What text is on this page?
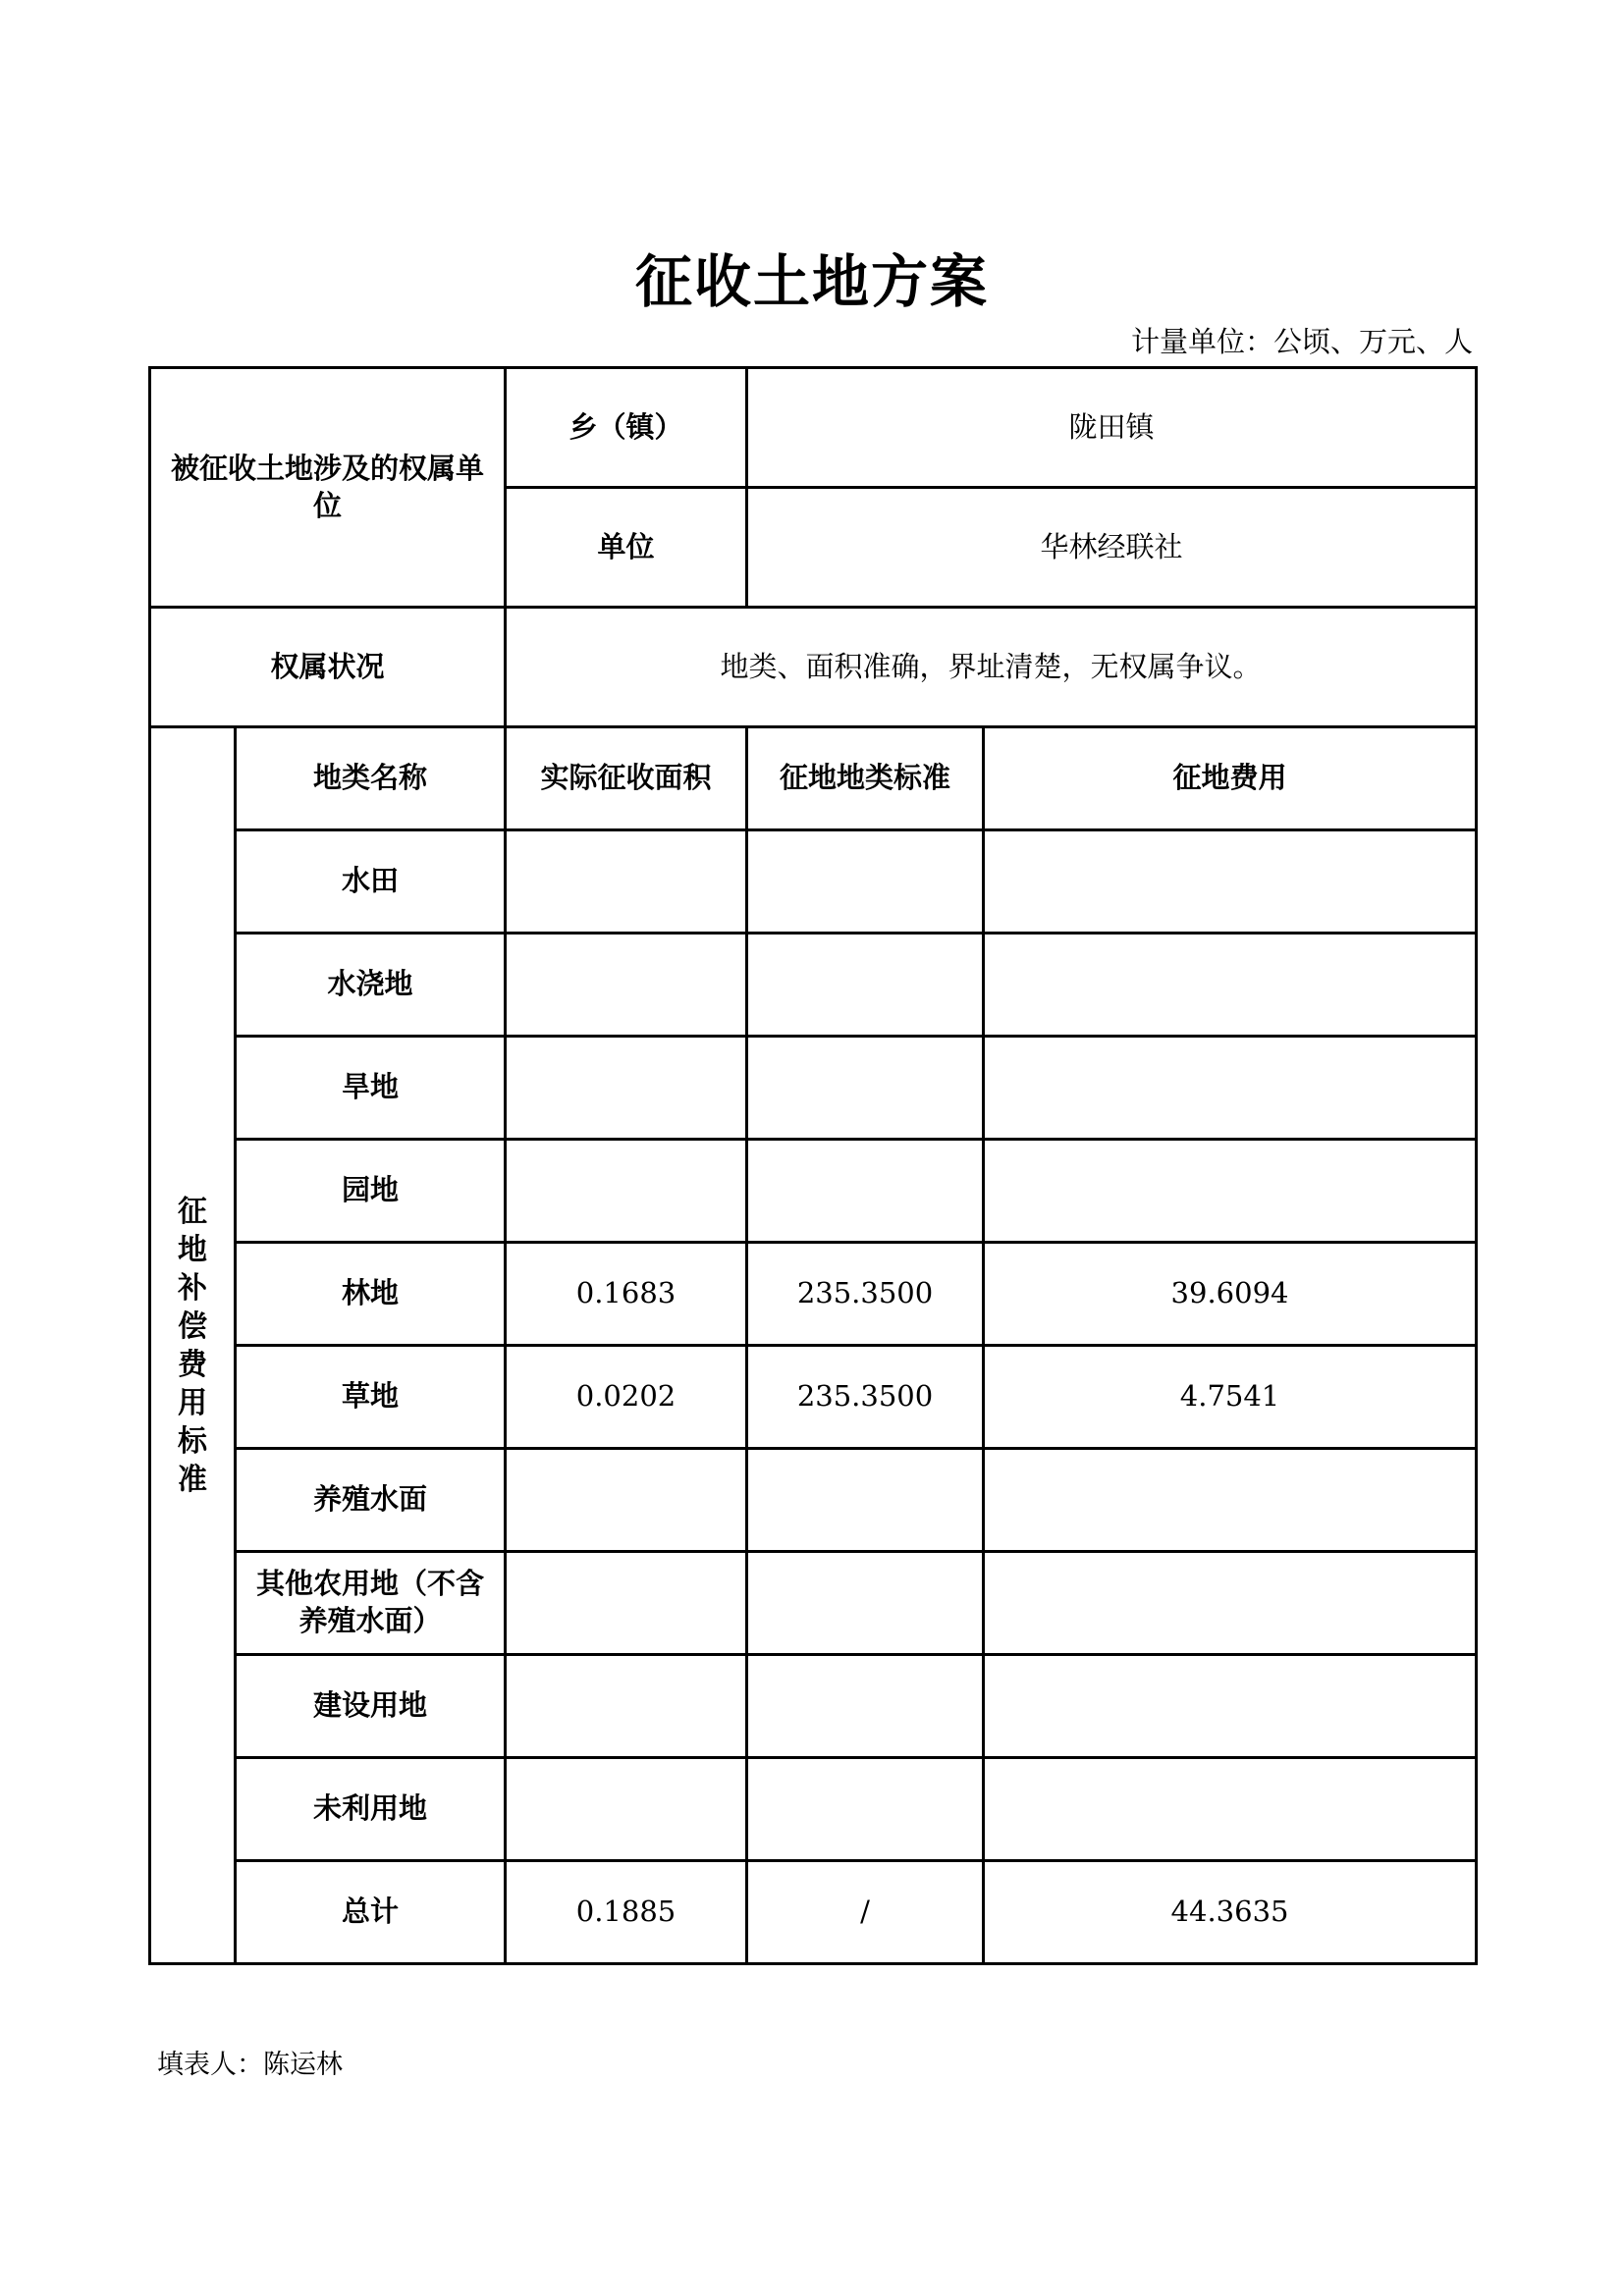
征收土地方案
计量单位：公顷、万元、人
被征收土地涉及的权属单位		乡（镇）	陇田镇	
		单位	华林经联社	
权属状况		地类、面积准确，界址清楚，无权属争议。		
征地补偿费用标准	地类名称	实际征收面积	征地地类标准	征地费用
	水田			
	水浇地			
	旱地			
	园地			
	林地	0.1683	235.3500	39.6094
	草地	0.0202	235.3500	4.7541
	养殖水面			
	其他农用地（不含养殖水面）			
	建设用地			
	未利用地			
	总计	0.1885	/	44.3635
填表人：陈运林
